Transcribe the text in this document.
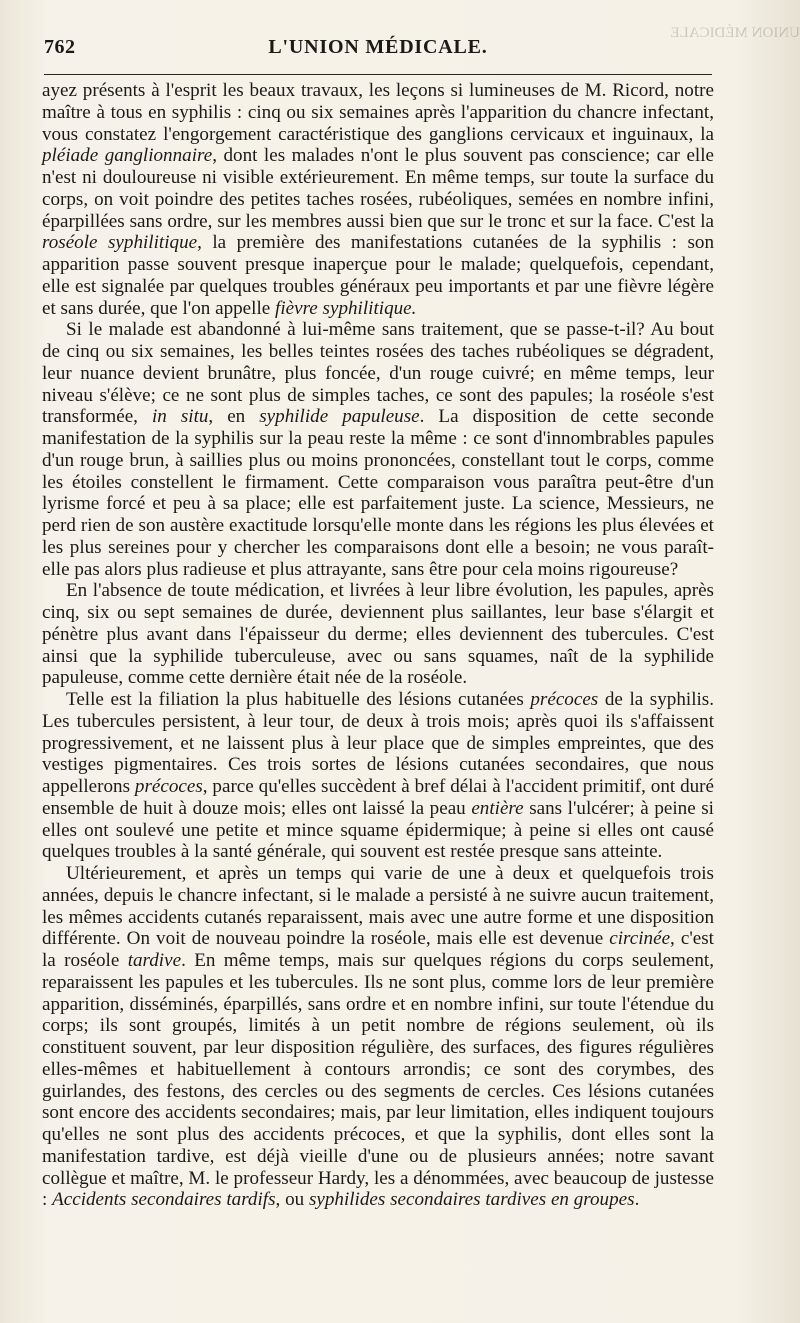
UNION MÉDICALE
762	L'UNION MÉDICALE.

ayez présents à l'esprit les beaux travaux, les leçons si lumineuses de M. Ricord, notre maître à tous en syphilis : cinq ou six semaines après l'apparition du chancre infectant, vous constatez l'engorgement caractéristique des ganglions cervicaux et inguinaux, la pléiade ganglionnaire, dont les malades n'ont le plus souvent pas conscience; car elle n'est ni douloureuse ni visible extérieurement. En même temps, sur toute la surface du corps, on voit poindre des petites taches rosées, rubéoliques, semées en nombre infini, éparpillées sans ordre, sur les membres aussi bien que sur le tronc et sur la face. C'est la roséole syphilitique, la première des manifestations cutanées de la syphilis : son apparition passe souvent presque inaperçue pour le malade; quelquefois, cependant, elle est signalée par quelques troubles généraux peu importants et par une fièvre légère et sans durée, que l'on appelle fièvre syphilitique.

Si le malade est abandonné à lui-même sans traitement, que se passe-t-il? Au bout de cinq ou six semaines, les belles teintes rosées des taches rubéoliques se dégradent, leur nuance devient brunâtre, plus foncée, d'un rouge cuivré; en même temps, leur niveau s'élève; ce ne sont plus de simples taches, ce sont des papules; la roséole s'est transformée, in situ, en syphilide papuleuse. La disposition de cette seconde manifestation de la syphilis sur la peau reste la même : ce sont d'innombrables papules d'un rouge brun, à saillies plus ou moins prononcées, constellant tout le corps, comme les étoiles constellent le firmament. Cette comparaison vous paraîtra peut-être d'un lyrisme forcé et peu à sa place; elle est parfaitement juste. La science, Messieurs, ne perd rien de son austère exactitude lorsqu'elle monte dans les régions les plus élevées et les plus sereines pour y chercher les comparaisons dont elle a besoin; ne vous paraît-elle pas alors plus radieuse et plus attrayante, sans être pour cela moins rigoureuse?

En l'absence de toute médication, et livrées à leur libre évolution, les papules, après cinq, six ou sept semaines de durée, deviennent plus saillantes, leur base s'élargit et pénètre plus avant dans l'épaisseur du derme; elles deviennent des tubercules. C'est ainsi que la syphilide tuberculeuse, avec ou sans squames, naît de la syphilide papuleuse, comme cette dernière était née de la roséole.

Telle est la filiation la plus habituelle des lésions cutanées précoces de la syphilis. Les tubercules persistent, à leur tour, de deux à trois mois; après quoi ils s'affaissent progressivement, et ne laissent plus à leur place que de simples empreintes, que des vestiges pigmentaires. Ces trois sortes de lésions cutanées secondaires, que nous appellerons précoces, parce qu'elles succèdent à bref délai à l'accident primitif, ont duré ensemble de huit à douze mois; elles ont laissé la peau entière sans l'ulcérer; à peine si elles ont soulevé une petite et mince squame épidermique; à peine si elles ont causé quelques troubles à la santé générale, qui souvent est restée presque sans atteinte.

Ultérieurement, et après un temps qui varie de une à deux et quelquefois trois années, depuis le chancre infectant, si le malade a persisté à ne suivre aucun traitement, les mêmes accidents cutanés reparaissent, mais avec une autre forme et une disposition différente. On voit de nouveau poindre la roséole, mais elle est devenue circinée, c'est la roséole tardive. En même temps, mais sur quelques régions du corps seulement, reparaissent les papules et les tubercules. Ils ne sont plus, comme lors de leur première apparition, disséminés, éparpillés, sans ordre et en nombre infini, sur toute l'étendue du corps; ils sont groupés, limités à un petit nombre de régions seulement, où ils constituent souvent, par leur disposition régulière, des surfaces, des figures régulières elles-mêmes et habituellement à contours arrondis; ce sont des corymbes, des guirlandes, des festons, des cercles ou des segments de cercles. Ces lésions cutanées sont encore des accidents secondaires; mais, par leur limitation, elles indiquent toujours qu'elles ne sont plus des accidents précoces, et que la syphilis, dont elles sont la manifestation tardive, est déjà vieille d'une ou de plusieurs années; notre savant collègue et maître, M. le professeur Hardy, les a dénommées, avec beaucoup de justesse : Accidents secondaires tardifs, ou syphilides secondaires tardives en groupes.
